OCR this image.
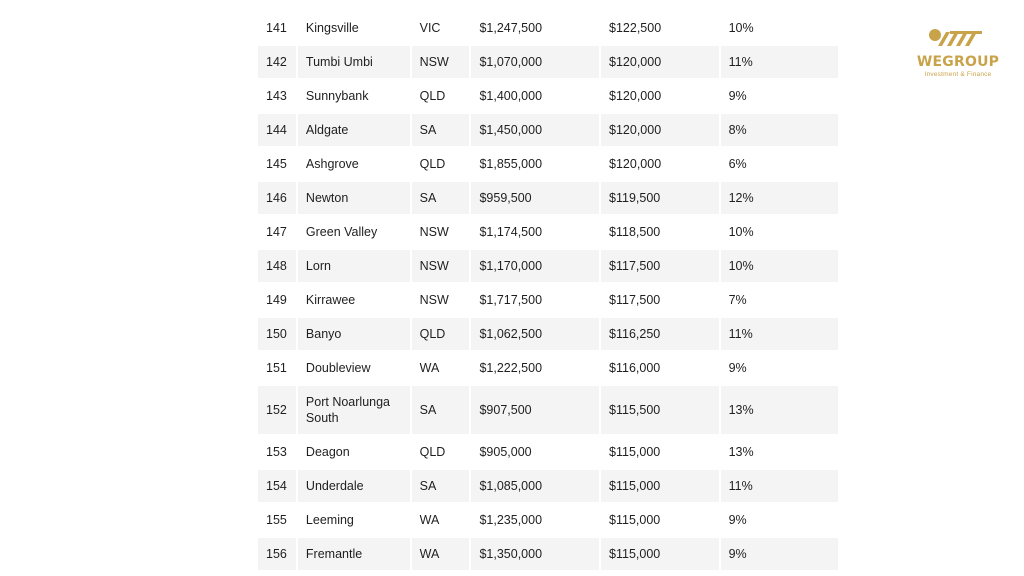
141	Kingsville	VIC	$1,247,500	$122,500	10%
142	Tumbi Umbi	NSW	$1,070,000	$120,000	11%
143	Sunnybank	QLD	$1,400,000	$120,000	9%
144	Aldgate	SA	$1,450,000	$120,000	8%
145	Ashgrove	QLD	$1,855,000	$120,000	6%
146	Newton	SA	$959,500	$119,500	12%
147	Green Valley	NSW	$1,174,500	$118,500	10%
148	Lorn	NSW	$1,170,000	$117,500	10%
149	Kirrawee	NSW	$1,717,500	$117,500	7%
150	Banyo	QLD	$1,062,500	$116,250	11%
151	Doubleview	WA	$1,222,500	$116,000	9%
152	Port Noarlunga South	SA	$907,500	$115,500	13%
153	Deagon	QLD	$905,000	$115,000	13%
154	Underdale	SA	$1,085,000	$115,000	11%
155	Leeming	WA	$1,235,000	$115,000	9%
156	Fremantle	WA	$1,350,000	$115,000	9%
WEGROUP
Investment & Finance
